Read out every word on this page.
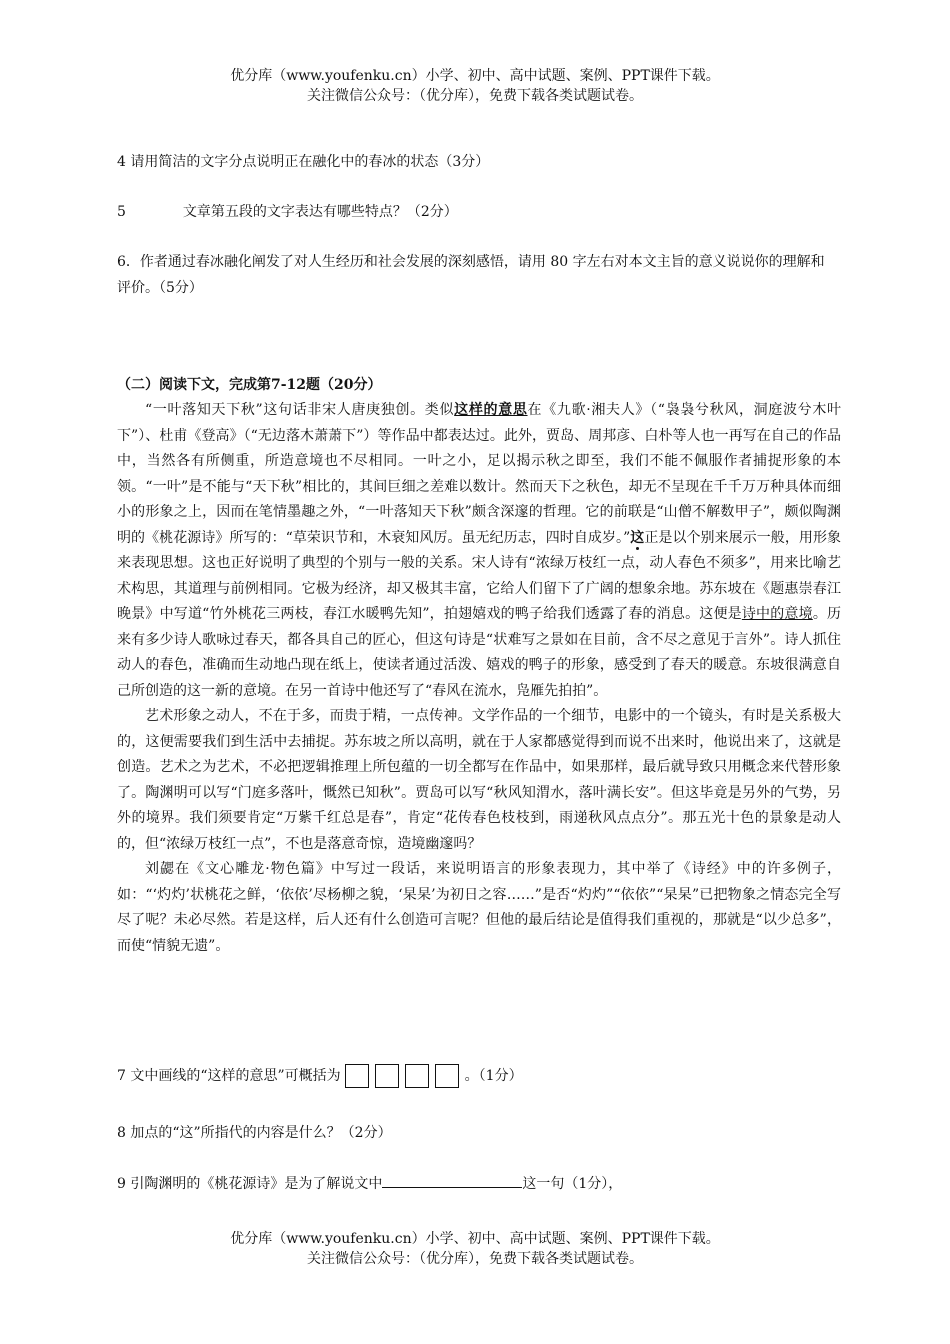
优分库（www.youfenku.cn）小学、初中、高中试题、案例、PPT课件下载。
关注微信公众号：（优分库），免费下载各类试题试卷。
4 请用简洁的文字分点说明正在融化中的春冰的状态（3分）
5	文章第五段的文字表达有哪些特点？（2分）
6．作者通过春冰融化阐发了对人生经历和社会发展的深刻感悟，请用 80 字左右对本文主旨的意义说说你的理解和评价。（5分）
（二）阅读下文，完成第7-12题（20分）

“一叶落知天下秋”这句话非宋人唐庚独创。类似这样的意思在《九歌·湘夫人》（“袅袅兮秋风，洞庭波兮木叶下”）、杜甫《登高》（“无边落木萧萧下”）等作品中都表达过。此外，贾岛、周邦彦、白朴等人也一再写在自己的作品中，当然各有所侧重，所造意境也不尽相同。一叶之小，足以揭示秋之即至，我们不能不佩服作者捕捉形象的本领。“一叶”是不能与“天下秋”相比的，其间巨细之差难以数计。然而天下之秋色，却无不呈现在千千万万种具体而细小的形象之上，因而在笔情墨趣之外，“一叶落知天下秋”颇含深邃的哲理。它的前联是“山僧不解数甲子”，颇似陶渊明的《桃花源诗》所写的：“草荣识节和，木衰知风厉。虽无纪历志，四时自成岁。”这正是以个别来展示一般，用形象来表现思想。这也正好说明了典型的个别与一般的关系。宋人诗有“浓绿万枝红一点，动人春色不须多”，用来比喻艺术构思，其道理与前例相同。它极为经济，却又极其丰富，它给人们留下了广阔的想象余地。苏东坡在《题惠崇春江晚景》中写道“竹外桃花三两枝，春江水暖鸭先知”，拍翅嬉戏的鸭子给我们透露了春的消息。这便是诗中的意境。历来有多少诗人歌咏过春天，都各具自己的匠心，但这句诗是“状难写之景如在目前，含不尽之意见于言外”。诗人抓住动人的春色，准确而生动地凸现在纸上，使读者通过活泼、嬉戏的鸭子的形象，感受到了春天的暖意。东坡很满意自己所创造的这一新的意境。在另一首诗中他还写了“春风在流水，凫雁先拍拍”。

艺术形象之动人，不在于多，而贵于精，一点传神。文学作品的一个细节，电影中的一个镜头，有时是关系极大的，这便需要我们到生活中去捕捉。苏东坡之所以高明，就在于人家都感觉得到而说不出来时，他说出来了，这就是创造。艺术之为艺术，不必把逻辑推理上所包蕴的一切全都写在作品中，如果那样，最后就导致只用概念来代替形象了。陶渊明可以写“门庭多落叶，慨然已知秋”。贾岛可以写“秋风知渭水，落叶满长安”。但这毕竟是另外的气势，另外的境界。我们须要肯定“万紫千红总是春”，肯定“花传春色枝枝到，雨递秋风点点分”。那五光十色的景象是动人的，但“浓绿万枝红一点”，不也是落意奇惊，造境幽邃吗？

刘勰在《文心雕龙·物色篇》中写过一段话，来说明语言的形象表现力，其中举了《诗经》中的许多例子，如：“‘灼灼’状桃花之鲜，‘依依’尽杨柳之貌，‘杲杲’为初日之容……”是否“灼灼”“依依”“杲杲”已把物象之情态完全写尽了呢？未必尽然。若是这样，后人还有什么创造可言呢？但他的最后结论是值得我们重视的，那就是“以少总多”，而使“情貌无遗”。

7 文中画线的“这样的意思”可概括为	。（1分）
8 加点的“这”所指代的内容是什么？（2分）
9 引陶渊明的《桃花源诗》是为了解说文中	这一句（1分），
优分库（www.youfenku.cn）小学、初中、高中试题、案例、PPT课件下载。
关注微信公众号：（优分库），免费下载各类试题试卷。
